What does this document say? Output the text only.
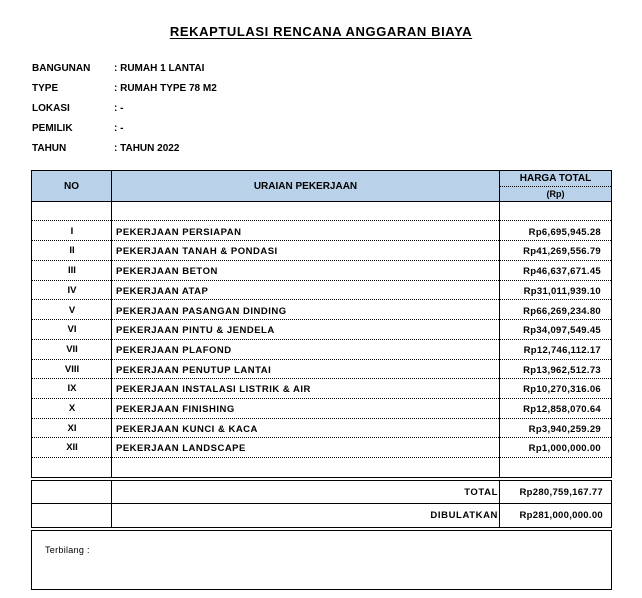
REKAPTULASI RENCANA ANGGARAN BIAYA
BANGUNAN	: RUMAH 1 LANTAI
TYPE	: RUMAH TYPE 78 M2
LOKASI	: -
PEMILIK	: -
TAHUN	: TAHUN 2022
NO	URAIAN PEKERJAAN
HARGA TOTAL
(Rp)
I	PEKERJAAN PERSIAPAN	Rp6,695,945.28
II	PEKERJAAN TANAH & PONDASI	Rp41,269,556.79
III	PEKERJAAN BETON	Rp46,637,671.45
IV	PEKERJAAN ATAP	Rp31,011,939.10
V	PEKERJAAN PASANGAN DINDING	Rp66,269,234.80
VI	PEKERJAAN PINTU & JENDELA	Rp34,097,549.45
VII	PEKERJAAN PLAFOND	Rp12,746,112.17
VIII	PEKERJAAN PENUTUP LANTAI	Rp13,962,512.73
IX	PEKERJAAN INSTALASI LISTRIK & AIR	Rp10,270,316.06
X	PEKERJAAN FINISHING	Rp12,858,070.64
XI	PEKERJAAN KUNCI & KACA	Rp3,940,259.29
XII	PEKERJAAN LANDSCAPE	Rp1,000,000.00
TOTAL Rp280,759,167.77
DIBULATKAN Rp281,000,000.00
Terbilang :
